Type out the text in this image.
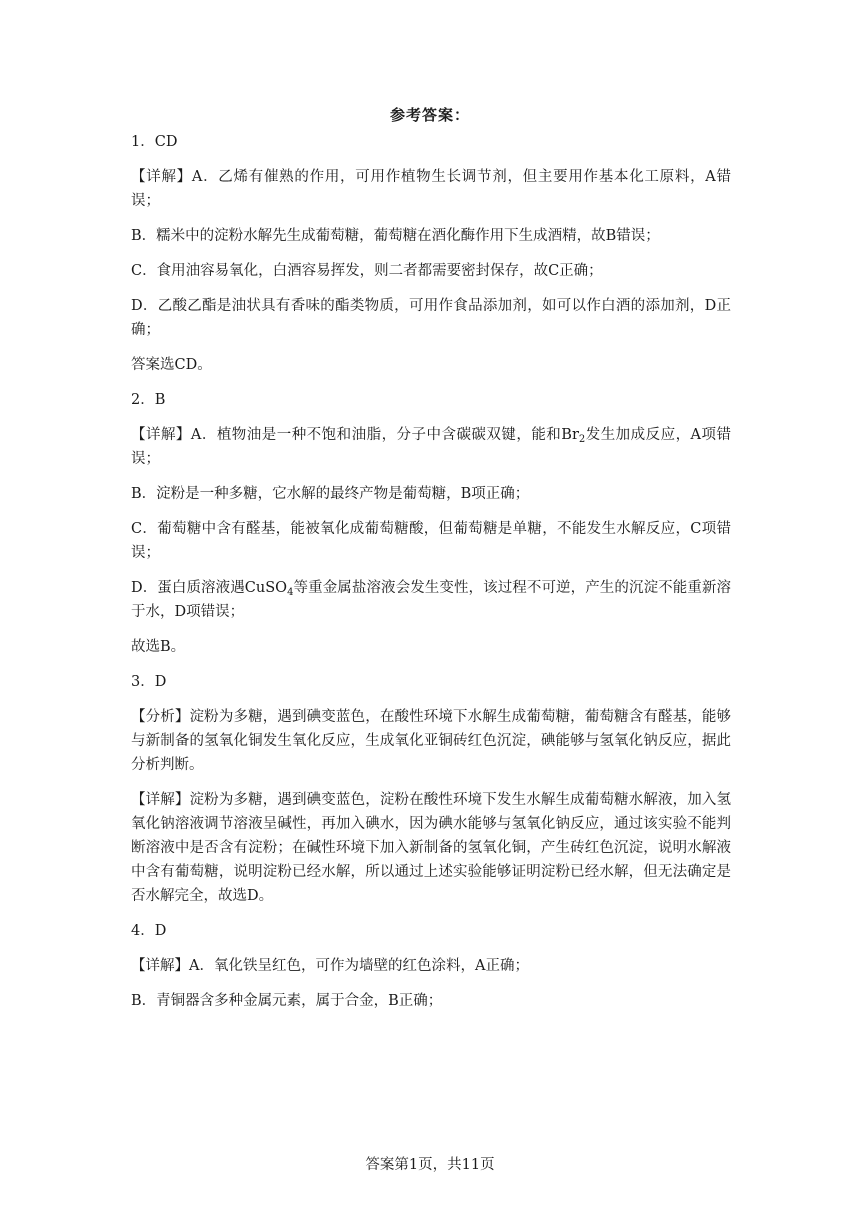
参考答案：
1．CD
【详解】A．乙烯有催熟的作用，可用作植物生长调节剂，但主要用作基本化工原料，A错误；
B．糯米中的淀粉水解先生成葡萄糖，葡萄糖在酒化酶作用下生成酒精，故B错误；
C．食用油容易氧化，白酒容易挥发，则二者都需要密封保存，故C正确；
D．乙酸乙酯是油状具有香味的酯类物质，可用作食品添加剂，如可以作白酒的添加剂，D正确；
答案选CD。
2．B
【详解】A．植物油是一种不饱和油脂，分子中含碳碳双键，能和$Br_2$发生加成反应，A项错误；
B．淀粉是一种多糖，它水解的最终产物是葡萄糖，B项正确；
C．葡萄糖中含有醛基，能被氧化成葡萄糖酸，但葡萄糖是单糖，不能发生水解反应，C项错误；
D．蛋白质溶液遇CuSO$_4$等重金属盐溶液会发生变性，该过程不可逆，产生的沉淀不能重新溶于水，D项错误；
故选B。
3．D
【分析】淀粉为多糖，遇到碘变蓝色，在酸性环境下水解生成葡萄糖，葡萄糖含有醛基，能够与新制备的氢氧化铜发生氧化反应，生成氧化亚铜砖红色沉淀，碘能够与氢氧化钠反应，据此分析判断。
【详解】淀粉为多糖，遇到碘变蓝色，淀粉在酸性环境下发生水解生成葡萄糖水解液，加入氢氧化钠溶液调节溶液呈碱性，再加入碘水，因为碘水能够与氢氧化钠反应，通过该实验不能判断溶液中是否含有淀粉；在碱性环境下加入新制备的氢氧化铜，产生砖红色沉淀，说明水解液中含有葡萄糖，说明淀粉已经水解，所以通过上述实验能够证明淀粉已经水解，但无法确定是否水解完全，故选D。
4．D
【详解】A．氧化铁呈红色，可作为墙壁的红色涂料，A正确；
B．青铜器含多种金属元素，属于合金，B正确；
答案第1页，共11页
